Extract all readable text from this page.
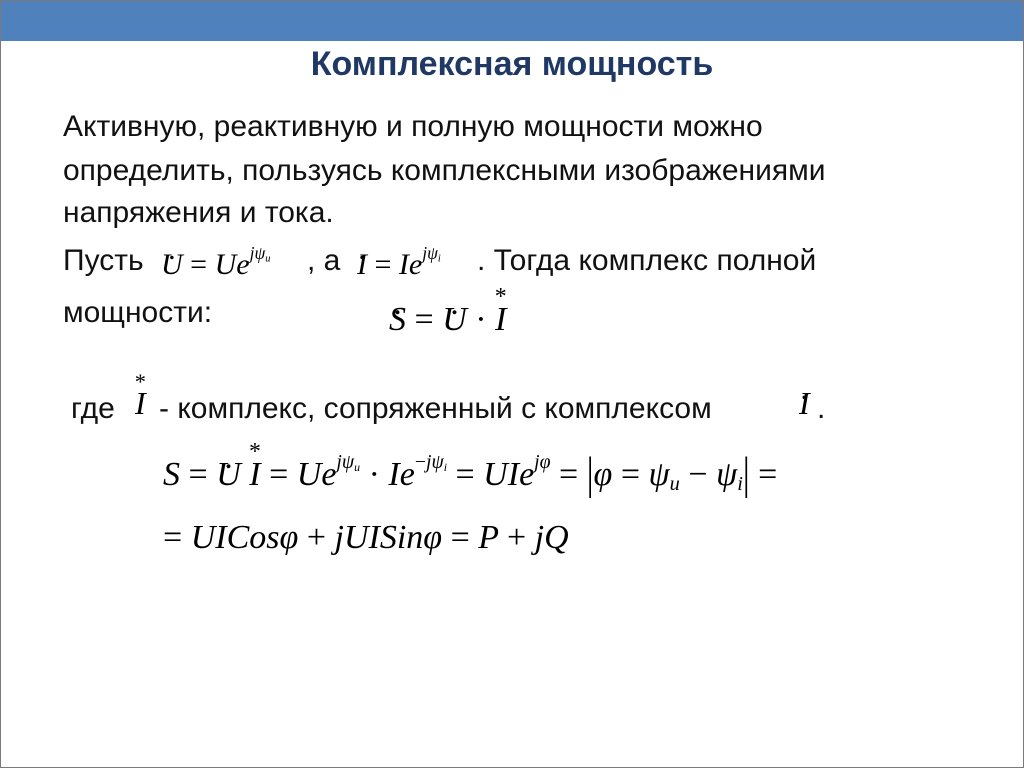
Комплексная мощность
Активную, реактивную и полную мощности можно
определить, пользуясь комплексными изображениями
напряжения и тока.
Пусть . $U = Ue^{j\psi_u}$ , а . $I = Ie^{j\psi_i}$ . Тогда комплекс полной
мощности:	. S = . U · * I
где * I - комплекс, сопряженный с комплексом	. I .
S = . $U * I = Ue^{j\psi_u} \cdot Ie^{-j\psi_i} = UIe^{j\varphi} = |\varphi = \psi_u - \psi_i|$ =
= UICosφ + jUISinφ = P + jQ
